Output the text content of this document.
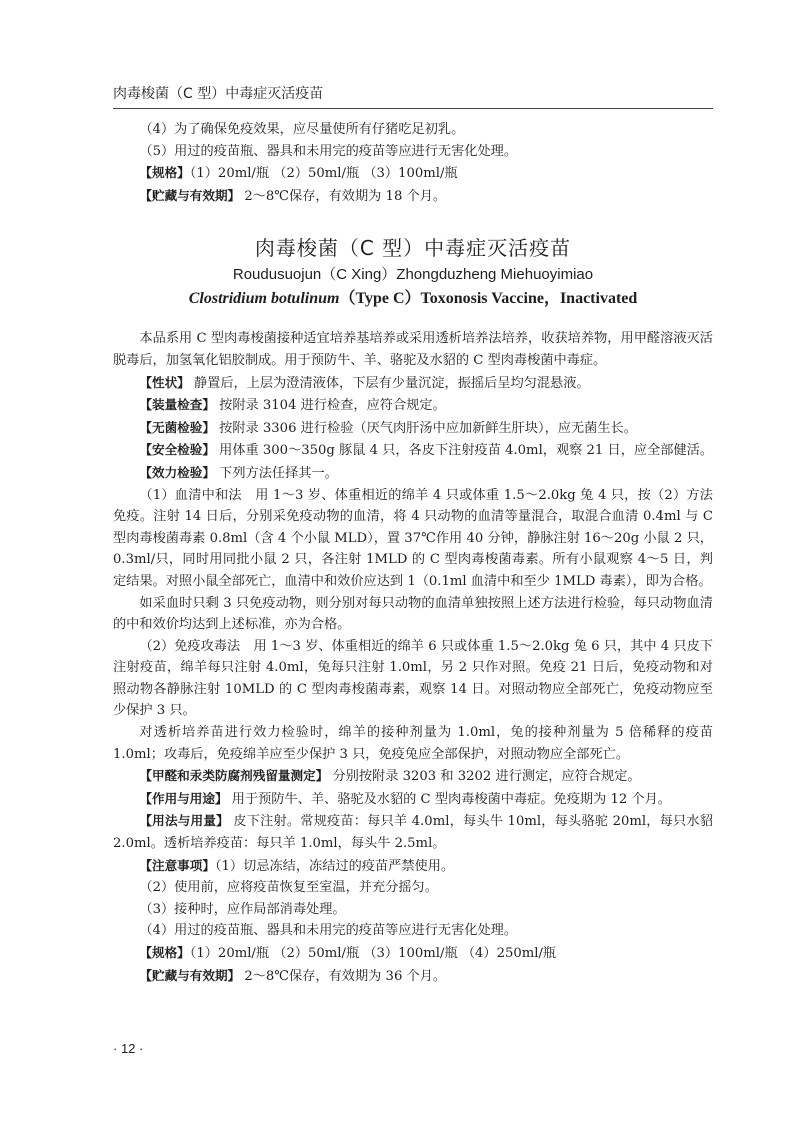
肉毒梭菌（C 型）中毒症灭活疫苗

（4）为了确保免疫效果，应尽量使所有仔猪吃足初乳。

（5）用过的疫苗瓶、器具和未用完的疫苗等应进行无害化处理。

【规格】（1）20ml/瓶 （2）50ml/瓶 （3）100ml/瓶

【贮藏与有效期】 2～8℃保存，有效期为 18 个月。

肉毒梭菌（C 型）中毒症灭活疫苗
Roudusuojun（C Xing）Zhongduzheng Miehuoyimiao
Clostridium botulinum（Type C）Toxonosis Vaccine，Inactivated

本品系用 C 型肉毒梭菌接种适宜培养基培养或采用透析培养法培养，收获培养物，用甲醛溶液灭活脱毒后，加氢氧化铝胶制成。用于预防牛、羊、骆驼及水貂的 C 型肉毒梭菌中毒症。

【性状】 静置后，上层为澄清液体，下层有少量沉淀，振摇后呈均匀混悬液。

【装量检查】 按附录 3104 进行检查，应符合规定。

【无菌检验】 按附录 3306 进行检验（厌气肉肝汤中应加新鲜生肝块），应无菌生长。

【安全检验】 用体重 300～350g 豚鼠 4 只，各皮下注射疫苗 4.0ml，观察 21 日，应全部健活。

【效力检验】 下列方法任择其一。

（1）血清中和法　用 1～3 岁、体重相近的绵羊 4 只或体重 1.5～2.0kg 兔 4 只，按（2）方法免疫。注射 14 日后，分别采免疫动物的血清，将 4 只动物的血清等量混合，取混合血清 0.4ml 与 C 型肉毒梭菌毒素 0.8ml（含 4 个小鼠 MLD），置 37℃作用 40 分钟，静脉注射 16～20g 小鼠 2 只，0.3ml/只，同时用同批小鼠 2 只，各注射 1MLD 的 C 型肉毒梭菌毒素。所有小鼠观察 4～5 日，判定结果。对照小鼠全部死亡，血清中和效价应达到 1（0.1ml 血清中和至少 1MLD 毒素），即为合格。

如采血时只剩 3 只免疫动物，则分别对每只动物的血清单独按照上述方法进行检验，每只动物血清的中和效价均达到上述标准，亦为合格。

（2）免疫攻毒法　用 1～3 岁、体重相近的绵羊 6 只或体重 1.5～2.0kg 兔 6 只，其中 4 只皮下注射疫苗，绵羊每只注射 4.0ml，兔每只注射 1.0ml，另 2 只作对照。免疫 21 日后，免疫动物和对照动物各静脉注射 10MLD 的 C 型肉毒梭菌毒素，观察 14 日。对照动物应全部死亡，免疫动物应至少保护 3 只。

对透析培养苗进行效力检验时，绵羊的接种剂量为 1.0ml，兔的接种剂量为 5 倍稀释的疫苗 1.0ml；攻毒后，免疫绵羊应至少保护 3 只，免疫兔应全部保护，对照动物应全部死亡。

【甲醛和汞类防腐剂残留量测定】 分别按附录 3203 和 3202 进行测定，应符合规定。

【作用与用途】 用于预防牛、羊、骆驼及水貂的 C 型肉毒梭菌中毒症。免疫期为 12 个月。

【用法与用量】 皮下注射。常规疫苗：每只羊 4.0ml，每头牛 10ml，每头骆驼 20ml，每只水貂 2.0ml。透析培养疫苗：每只羊 1.0ml，每头牛 2.5ml。

【注意事项】（1）切忌冻结，冻结过的疫苗严禁使用。

（2）使用前，应将疫苗恢复至室温，并充分摇匀。

（3）接种时，应作局部消毒处理。

（4）用过的疫苗瓶、器具和未用完的疫苗等应进行无害化处理。

【规格】（1）20ml/瓶 （2）50ml/瓶 （3）100ml/瓶 （4）250ml/瓶

【贮藏与有效期】 2～8℃保存，有效期为 36 个月。

· 12 ·
